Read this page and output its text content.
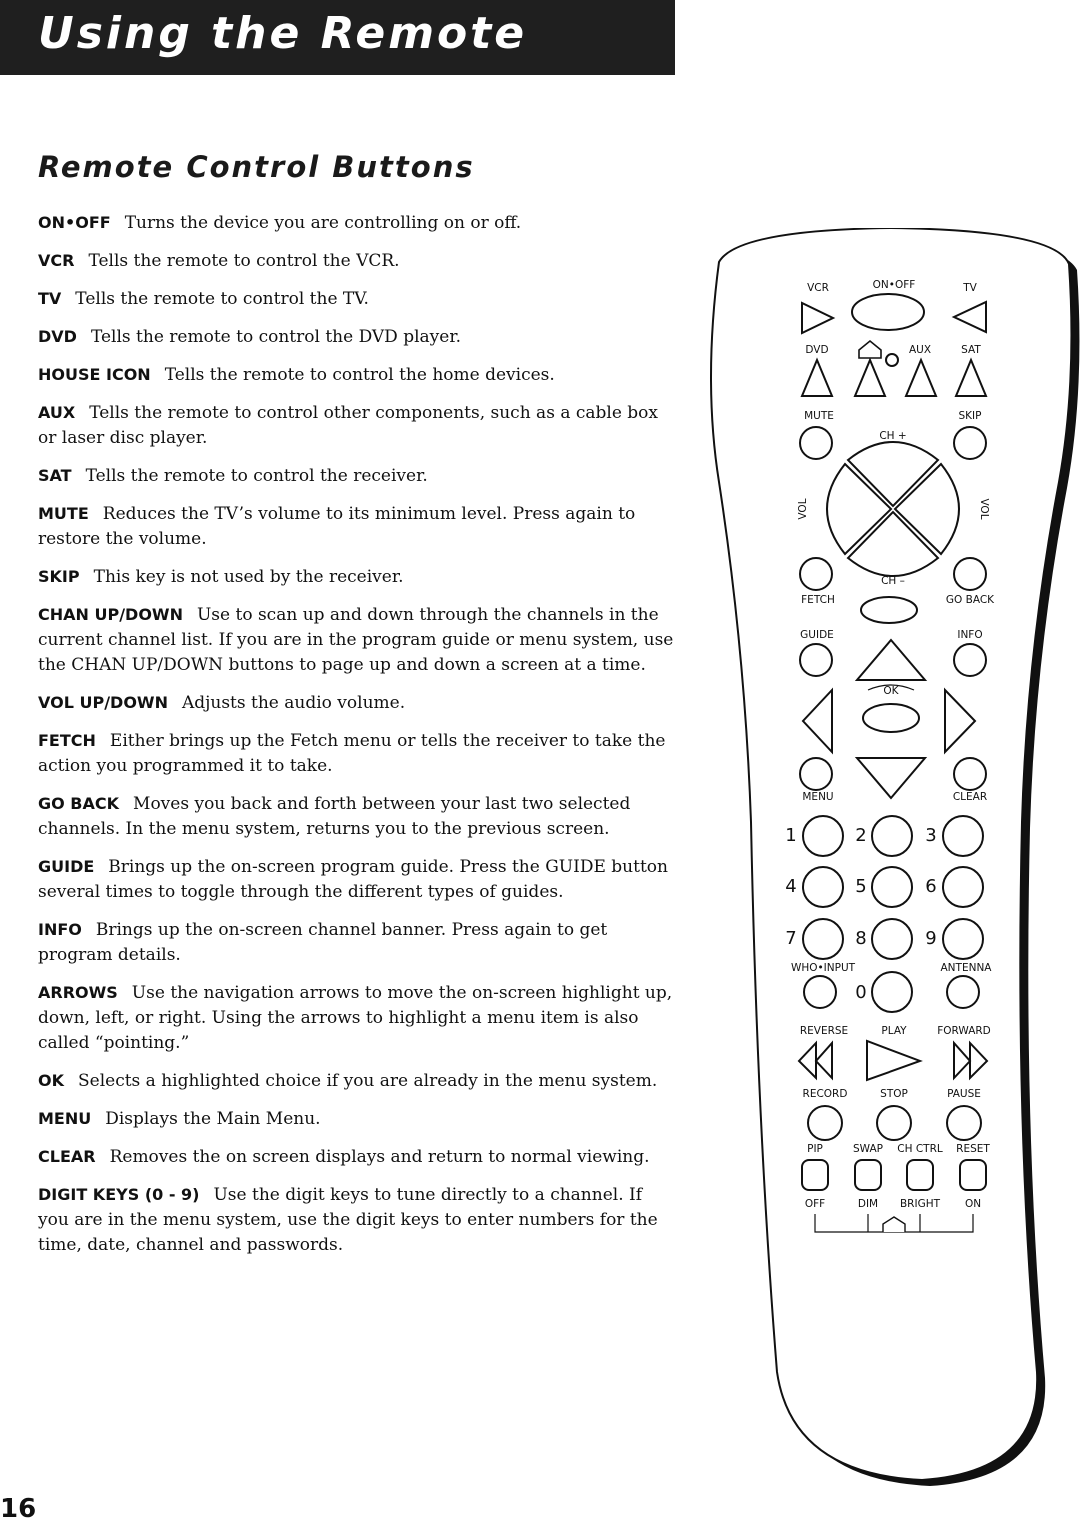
Using the Remote
Remote Control Buttons

ON•OFF Turns the device you are controlling on or off.

VCR Tells the remote to control the VCR.

TV Tells the remote to control the TV.

DVD Tells the remote to control the DVD player.

HOUSE ICON Tells the remote to control the home devices.

AUX Tells the remote to control other components, such as a cable box or laser disc player.

SAT Tells the remote to control the receiver.

MUTE Reduces the TV’s volume to its minimum level. Press again to restore the volume.

SKIP This key is not used by the receiver.

CHAN UP/DOWN Use to scan up and down through the channels in the current channel list. If you are in the program guide or menu system, use the CHAN UP/DOWN buttons to page up and down a screen at a time.

VOL UP/DOWN Adjusts the audio volume.

FETCH Either brings up the Fetch menu or tells the receiver to take the action you programmed it to take.

GO BACK Moves you back and forth between your last two selected channels. In the menu system, returns you to the previous screen.

GUIDE Brings up the on-screen program guide. Press the GUIDE button several times to toggle through the different types of guides.

INFO Brings up the on-screen channel banner. Press again to get program details.

ARROWS Use the navigation arrows to move the on-screen highlight up, down, left, or right. Using the arrows to highlight a menu item is also called “pointing.”

OK Selects a highlighted choice if you are already in the menu system.

MENU Displays the Main Menu.

CLEAR Removes the on screen displays and return to normal viewing.

DIGIT KEYS (0 - 9) Use the digit keys to tune directly to a channel. If you are in the menu system, use the digit keys to enter numbers for the time, date, channel and passwords.

VCR	ON•OFF	TV
DVD	AUX	SAT
MUTE	SKIP
CH +
VOL	VOL
CH –
FETCH	GO BACK
GUIDE	INFO
OK
MENU	CLEAR
1	2	3
4	5	6
7	8	9
WHO•INPUT
0
ANTENNA
REVERSE	PLAY	FORWARD
RECORD	STOP	PAUSE
PIP	SWAP CH CTRL RESET
OFF	DIM BRIGHT ON
16
